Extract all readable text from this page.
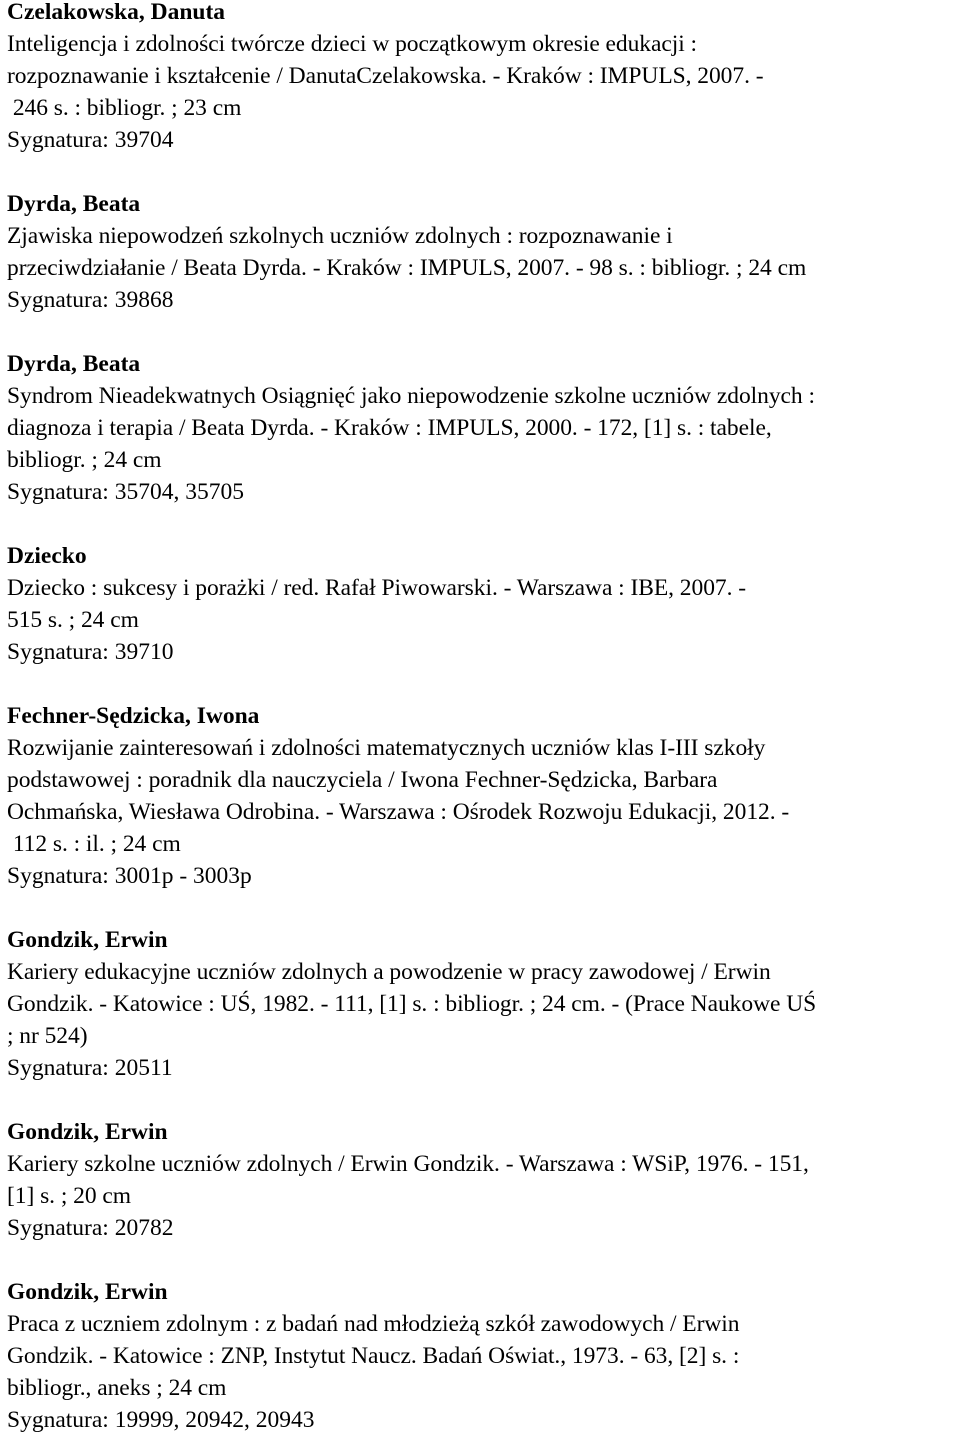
Czelakowska, Danuta
Inteligencja i zdolności twórcze dzieci w początkowym okresie edukacji :
rozpoznawanie i kształcenie / DanutaCzelakowska. - Kraków : IMPULS, 2007. -
246 s. : bibliogr. ; 23 cm
Sygnatura: 39704
Dyrda, Beata
Zjawiska niepowodzeń szkolnych uczniów zdolnych : rozpoznawanie i
przeciwdziałanie / Beata Dyrda. - Kraków : IMPULS, 2007. - 98 s. : bibliogr. ; 24 cm
Sygnatura: 39868
Dyrda, Beata
Syndrom Nieadekwatnych Osiągnięć jako niepowodzenie szkolne uczniów zdolnych :
diagnoza i terapia / Beata Dyrda. - Kraków : IMPULS, 2000. - 172, [1] s. : tabele,
bibliogr. ; 24 cm
Sygnatura: 35704, 35705
Dziecko
Dziecko : sukcesy i porażki / red. Rafał Piwowarski. - Warszawa : IBE, 2007. -
515 s. ; 24 cm
Sygnatura: 39710
Fechner-Sędzicka, Iwona
Rozwijanie zainteresowań i zdolności matematycznych uczniów klas I-III szkoły
podstawowej : poradnik dla nauczyciela / Iwona Fechner-Sędzicka, Barbara
Ochmańska, Wiesława Odrobina. - Warszawa : Ośrodek Rozwoju Edukacji, 2012. -
112 s. : il. ; 24 cm
Sygnatura: 3001p - 3003p
Gondzik, Erwin
Kariery edukacyjne uczniów zdolnych a powodzenie w pracy zawodowej / Erwin
Gondzik. - Katowice : UŚ, 1982. - 111, [1] s. : bibliogr. ; 24 cm. - (Prace Naukowe UŚ
; nr 524)
Sygnatura: 20511
Gondzik, Erwin
Kariery szkolne uczniów zdolnych / Erwin Gondzik. - Warszawa : WSiP, 1976. - 151,
[1] s. ; 20 cm
Sygnatura: 20782
Gondzik, Erwin
Praca z uczniem zdolnym : z badań nad młodzieżą szkół zawodowych / Erwin
Gondzik. - Katowice : ZNP, Instytut Naucz. Badań Oświat., 1973. - 63, [2] s. :
bibliogr., aneks ; 24 cm
Sygnatura: 19999, 20942, 20943
